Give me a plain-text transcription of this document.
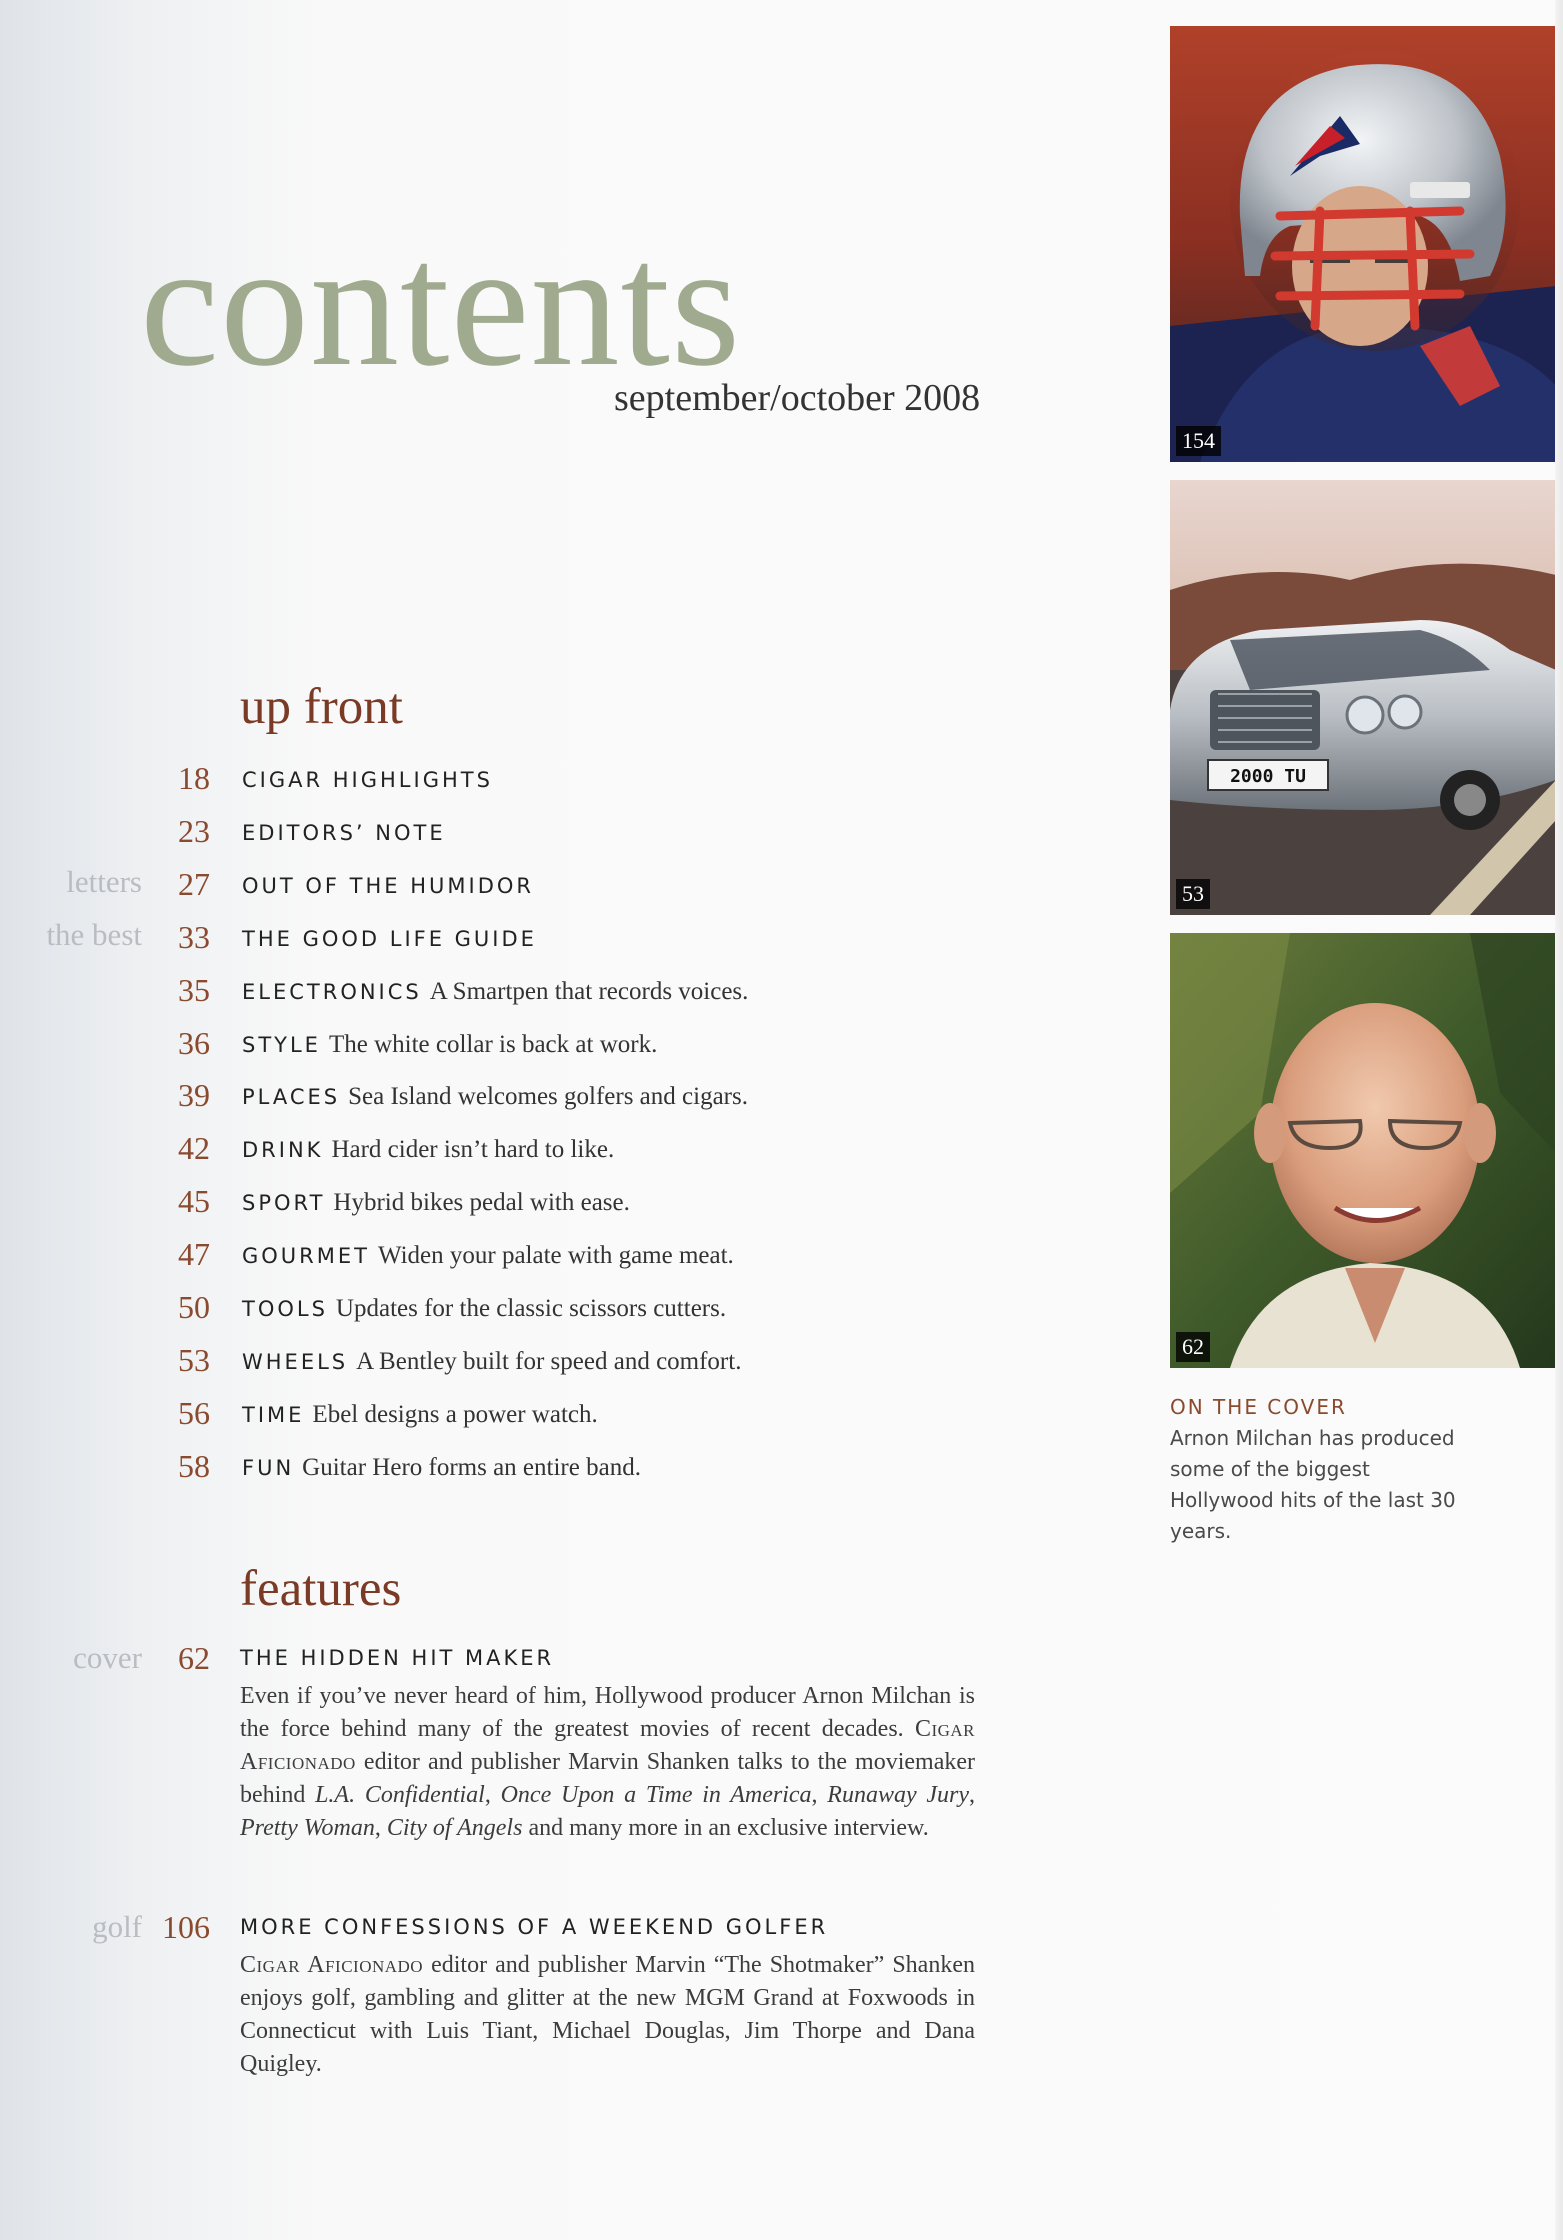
contents
september/october 2008
up front
18 CIGAR HIGHLIGHTS
23 EDITORS’ NOTE
letters 27 OUT OF THE HUMIDOR
the best 33 THE GOOD LIFE GUIDE
35 ELECTRONICS A Smartpen that records voices.
36 STYLE The white collar is back at work.
39 PLACES Sea Island welcomes golfers and cigars.
42 DRINK Hard cider isn’t hard to like.
45 SPORT Hybrid bikes pedal with ease.
47 GOURMET Widen your palate with game meat.
50 TOOLS Updates for the classic scissors cutters.
53 WHEELS A Bentley built for speed and comfort.
56 TIME Ebel designs a power watch.
58 FUN Guitar Hero forms an entire band.
features
cover 62 THE HIDDEN HIT MAKER

Even if you’ve never heard of him, Hollywood producer Arnon Milchan is the force behind many of the greatest movies of recent decades. Cigar Aficionado editor and publisher Marvin Shanken talks to the moviemaker behind L.A. Confidential, Once Upon a Time in America, Runaway Jury, Pretty Woman, City of Angels and many more in an exclusive interview.

golf 106 MORE CONFESSIONS OF A WEEKEND GOLFER

Cigar Aficionado editor and publisher Marvin “The Shotmaker” Shanken enjoys golf, gambling and glitter at the new MGM Grand at Foxwoods in Connecticut with Luis Tiant, Michael Douglas, Jim Thorpe and Dana Quigley.

154
2000 TU
53
62

ON THE COVER

Arnon Milchan has produced some of the biggest Hollywood hits of the last 30 years.
